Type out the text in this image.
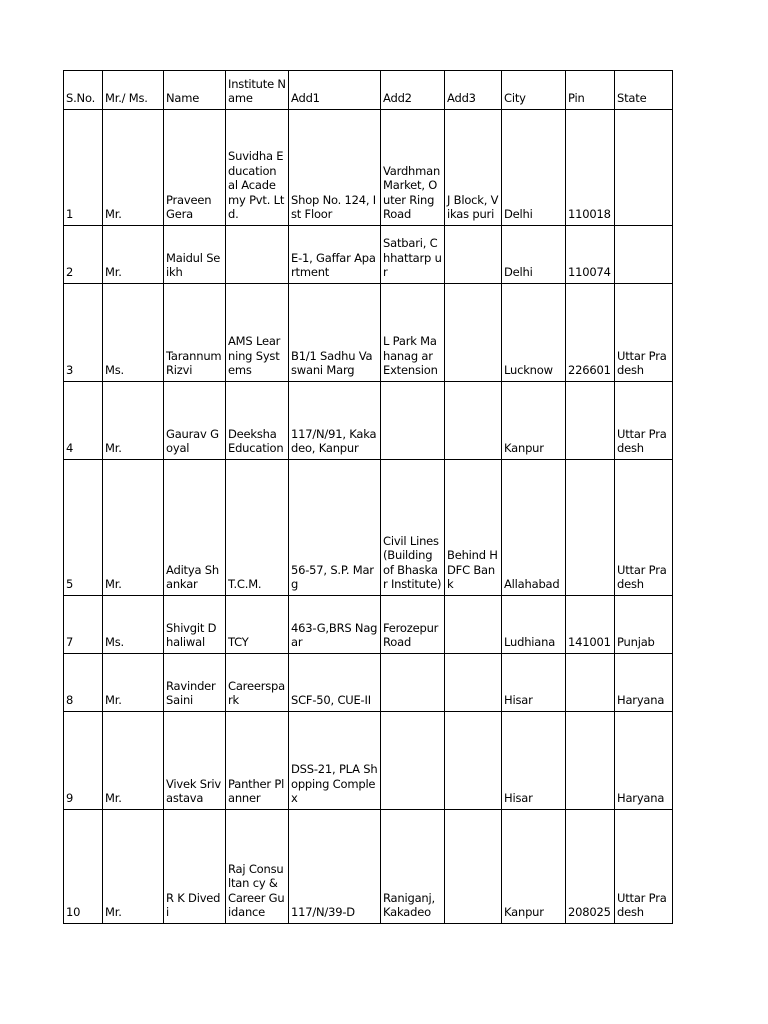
S.No.	Mr./ Ms.	Name	Institute Name	Add1	Add2	Add3	City	Pin	State
1	Mr.	Praveen Gera	Suvidha Education al Academy Pvt. Ltd.	Shop No. 124, Ist Floor	Vardhman Market, Outer Ring Road	J Block, Vikas puri	Delhi	110018	
2	Mr.	Maidul Seikh		E-1, Gaffar Apartment	Satbari, Chhattarp ur		Delhi	110074	
3	Ms.	Tarannum Rizvi	AMS Learning Systems	B1/1 Sadhu Vaswani Marg	L Park Mahanag ar Extension		Lucknow	226601	Uttar Pradesh
4	Mr.	Gaurav Goyal	Deeksha Education	117/N/91, Kakadeo, Kanpur			Kanpur		Uttar Pradesh
5	Mr.	Aditya Shankar	T.C.M.	56-57, S.P. Marg	Civil Lines (Building of Bhaskar Institute)	Behind HDFC Bank	Allahabad		Uttar Pradesh
7	Ms.	Shivgit Dhaliwal	TCY	463-G,BRS Nagar	Ferozepur Road		Ludhiana	141001	Punjab
8	Mr.	Ravinder Saini	Careerspa rk	SCF-50, CUE-II			Hisar		Haryana
9	Mr.	Vivek Srivastava	Panther Planner	DSS-21, PLA Shopping Complex			Hisar		Haryana
10	Mr.	R K Divedi	Raj Consultan cy & Career Guidance	117/N/39-D	Raniganj, Kakadeo		Kanpur	208025	Uttar Pradesh
